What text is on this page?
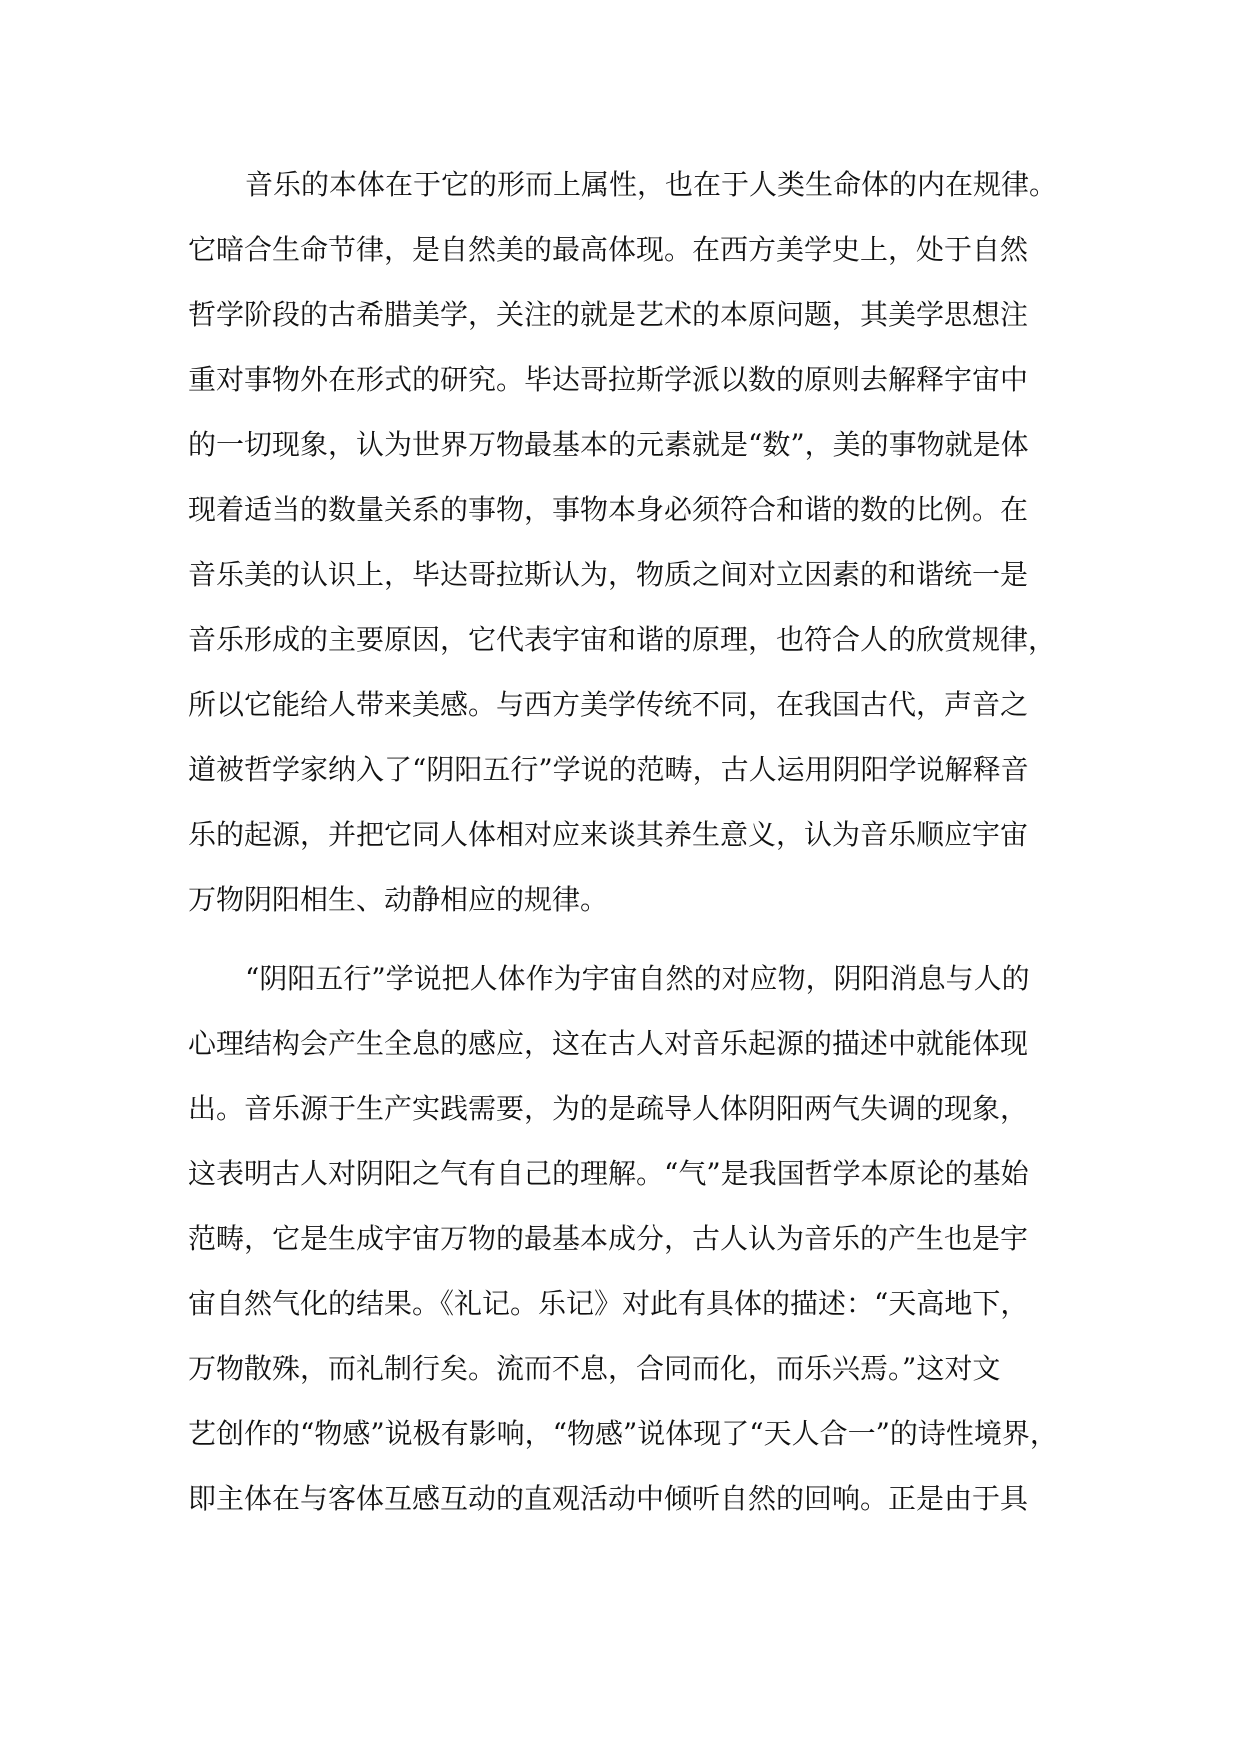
音乐的本体在于它的形而上属性，也在于人类生命体的内在规律。
它暗合生命节律，是自然美的最高体现。在西方美学史上，处于自然
哲学阶段的古希腊美学，关注的就是艺术的本原问题，其美学思想注
重对事物外在形式的研究。毕达哥拉斯学派以数的原则去解释宇宙中
的一切现象，认为世界万物最基本的元素就是“数”，美的事物就是体
现着适当的数量关系的事物，事物本身必须符合和谐的数的比例。在
音乐美的认识上，毕达哥拉斯认为，物质之间对立因素的和谐统一是
音乐形成的主要原因，它代表宇宙和谐的原理，也符合人的欣赏规律，
所以它能给人带来美感。与西方美学传统不同，在我国古代，声音之
道被哲学家纳入了“阴阳五行”学说的范畴，古人运用阴阳学说解释音
乐的起源，并把它同人体相对应来谈其养生意义，认为音乐顺应宇宙
万物阴阳相生、动静相应的规律。
“阴阳五行”学说把人体作为宇宙自然的对应物，阴阳消息与人的
心理结构会产生全息的感应，这在古人对音乐起源的描述中就能体现
出。音乐源于生产实践需要，为的是疏导人体阴阳两气失调的现象，
这表明古人对阴阳之气有自己的理解。“气”是我国哲学本原论的基始
范畴，它是生成宇宙万物的最基本成分，古人认为音乐的产生也是宇
宙自然气化的结果。《礼记。乐记》对此有具体的描述：“天高地下，
万物散殊，而礼制行矣。流而不息，合同而化，而乐兴焉。”这对文
艺创作的“物感”说极有影响，“物感”说体现了“天人合一”的诗性境界，
即主体在与客体互感互动的直观活动中倾听自然的回响。正是由于具
